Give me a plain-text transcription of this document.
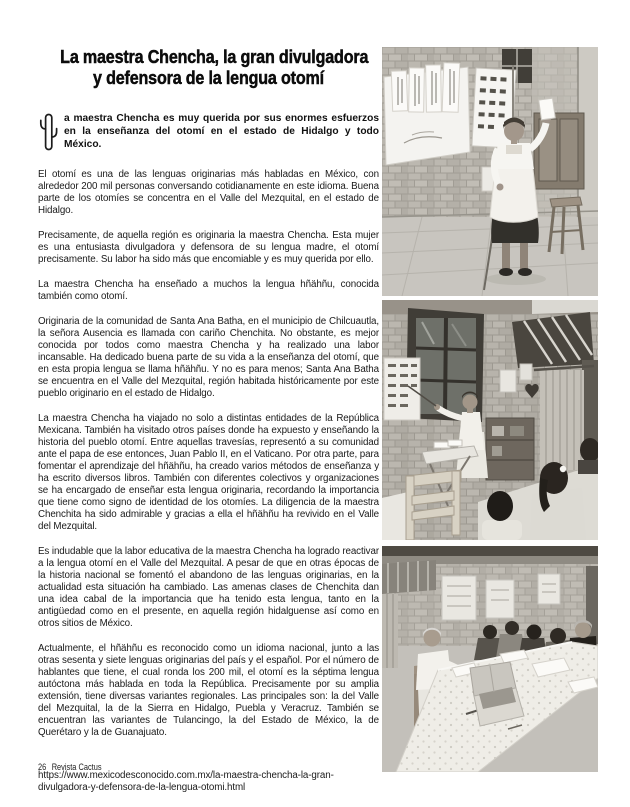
La maestra Chencha, la gran divulgadora
y defensora de la lengua otomí
a maestra Chencha es muy querida por sus enormes esfuerzos en la enseñanza del otomí en el estado de Hidalgo y todo México.

El otomí es una de las lenguas originarias más habladas en México, con alrededor 200 mil personas conversando cotidianamente en este idioma. Buena parte de los otomíes se concentra en el Valle del Mezquital, en el estado de Hidalgo.

Precisamente, de aquella región es originaria la maestra Chencha. Esta mujer es una entusiasta divulgadora y defensora de su lengua madre, el otomí precisamente. Su labor ha sido más que encomiable y es muy querida por ello.

La maestra Chencha ha enseñado a muchos la lengua hñähñu, conocida también como otomí.

Originaria de la comunidad de Santa Ana Batha, en el municipio de Chilcuautla, la señora Ausencia es llamada con cariño Chenchita. No obstante, es mejor conocida por todos como maestra Chencha y ha realizado una labor incansable. Ha dedicado buena parte de su vida a la enseñanza del otomí, que en esta propia lengua se llama hñähñu. Y no es para menos; Santa Ana Batha se encuentra en el Valle del Mezquital, región habitada históricamente por este pueblo originario en el estado de Hidalgo.

La maestra Chencha ha viajado no solo a distintas entidades de la República Mexicana. También ha visitado otros países donde ha expuesto y enseñando la historia del pueblo otomí. Entre aquellas travesías, representó a su comunidad ante el papa de ese entonces, Juan Pablo II, en el Vaticano. Por otra parte, para fomentar el aprendizaje del hñähñu, ha creado varios métodos de enseñanza y ha escrito diversos libros. También con diferentes colectivos y organizaciones se ha encargado de enseñar esta lengua originaria, recordando la importancia que tiene como signo de identidad de los otomíes. La diligencia de la maestra Chenchita ha sido admirable y gracias a ella el hñähñu ha revivido en el Valle del Mezquital.

Es indudable que la labor educativa de la maestra Chencha ha logrado reactivar a la lengua otomí en el Valle del Mezquital. A pesar de que en otras épocas de la historia nacional se fomentó el abandono de las lenguas originarias, en la actualidad esta situación ha cambiado. Las amenas clases de Chenchita dan una idea cabal de la importancia que ha tenido esta lengua, tanto en la antigüedad como en el presente, en aquella región hidalguense así como en otros sitios de México.

Actualmente, el hñähñu es reconocido como un idioma nacional, junto a las otras sesenta y siete lenguas originarias del país y el español. Por el número de hablantes que tiene, el cual ronda los 200 mil, el otomí es la séptima lengua autóctona más hablada en toda la República. Precisamente por su amplia extensión, tiene diversas variantes regionales. Las principales son: la del Valle del Mezquital, la de la Sierra en Hidalgo, Puebla y Veracruz. También se encuentran las variantes de Tulancingo, la del Estado de México, la de Querétaro y la de Guanajuato.

https://www.mexicodesconocido.com.mx/la-maestra-chencha-la-gran-divulgadora-y-defensora-de-la-lengua-otomi.html

26 Revista Cactus
